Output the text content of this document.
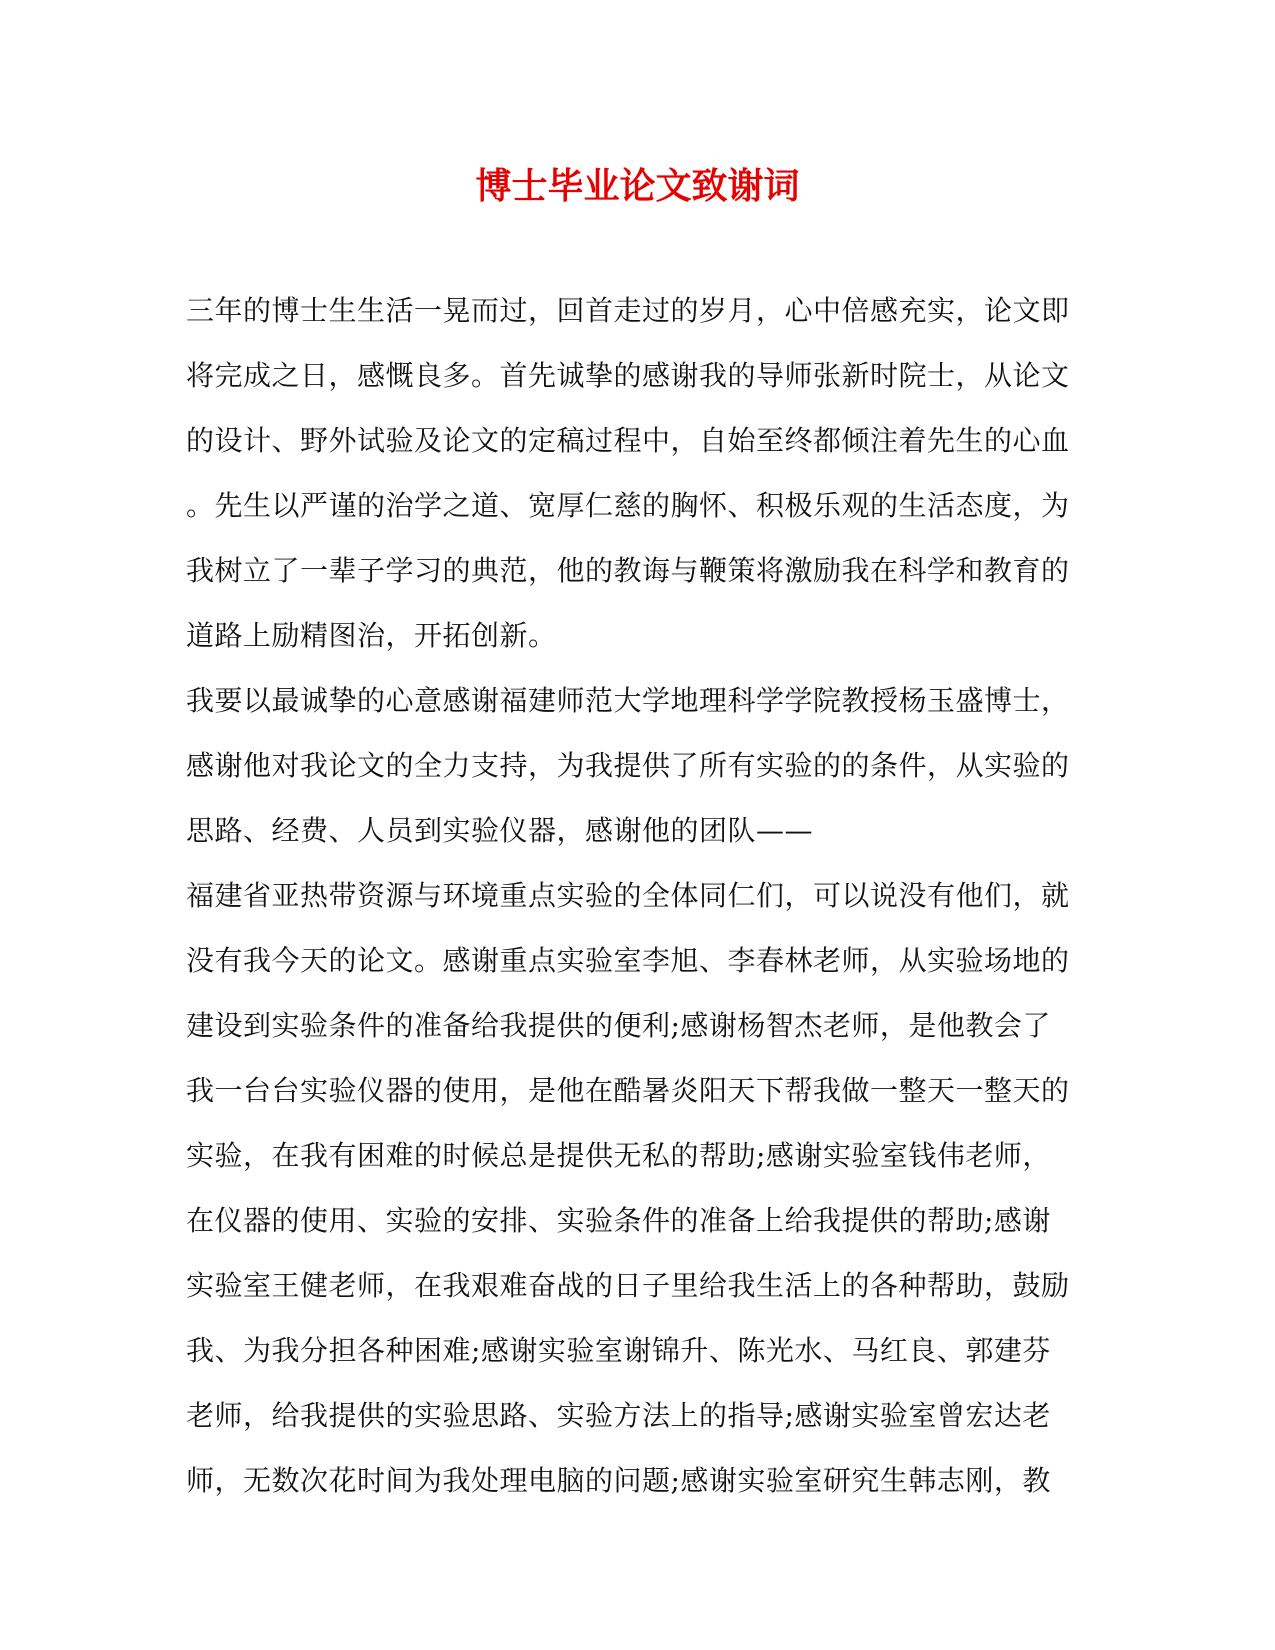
博士毕业论文致谢词
三年的博士生生活一晃而过，回首走过的岁月，心中倍感充实，论文即
将完成之日，感慨良多。首先诚挚的感谢我的导师张新时院士，从论文
的设计、野外试验及论文的定稿过程中，自始至终都倾注着先生的心血
。先生以严谨的治学之道、宽厚仁慈的胸怀、积极乐观的生活态度，为
我树立了一辈子学习的典范，他的教诲与鞭策将激励我在科学和教育的
道路上励精图治，开拓创新。
我要以最诚挚的心意感谢福建师范大学地理科学学院教授杨玉盛博士，
感谢他对我论文的全力支持，为我提供了所有实验的的条件，从实验的
思路、经费、人员到实验仪器，感谢他的团队——
福建省亚热带资源与环境重点实验的全体同仁们，可以说没有他们，就
没有我今天的论文。感谢重点实验室李旭、李春林老师，从实验场地的
建设到实验条件的准备给我提供的便利;感谢杨智杰老师，是他教会了
我一台台实验仪器的使用，是他在酷暑炎阳天下帮我做一整天一整天的
实验，在我有困难的时候总是提供无私的帮助;感谢实验室钱伟老师，
在仪器的使用、实验的安排、实验条件的准备上给我提供的帮助;感谢
实验室王健老师，在我艰难奋战的日子里给我生活上的各种帮助，鼓励
我、为我分担各种困难;感谢实验室谢锦升、陈光水、马红良、郭建芬
老师，给我提供的实验思路、实验方法上的指导;感谢实验室曾宏达老
师，无数次花时间为我处理电脑的问题;感谢实验室研究生韩志刚，教
